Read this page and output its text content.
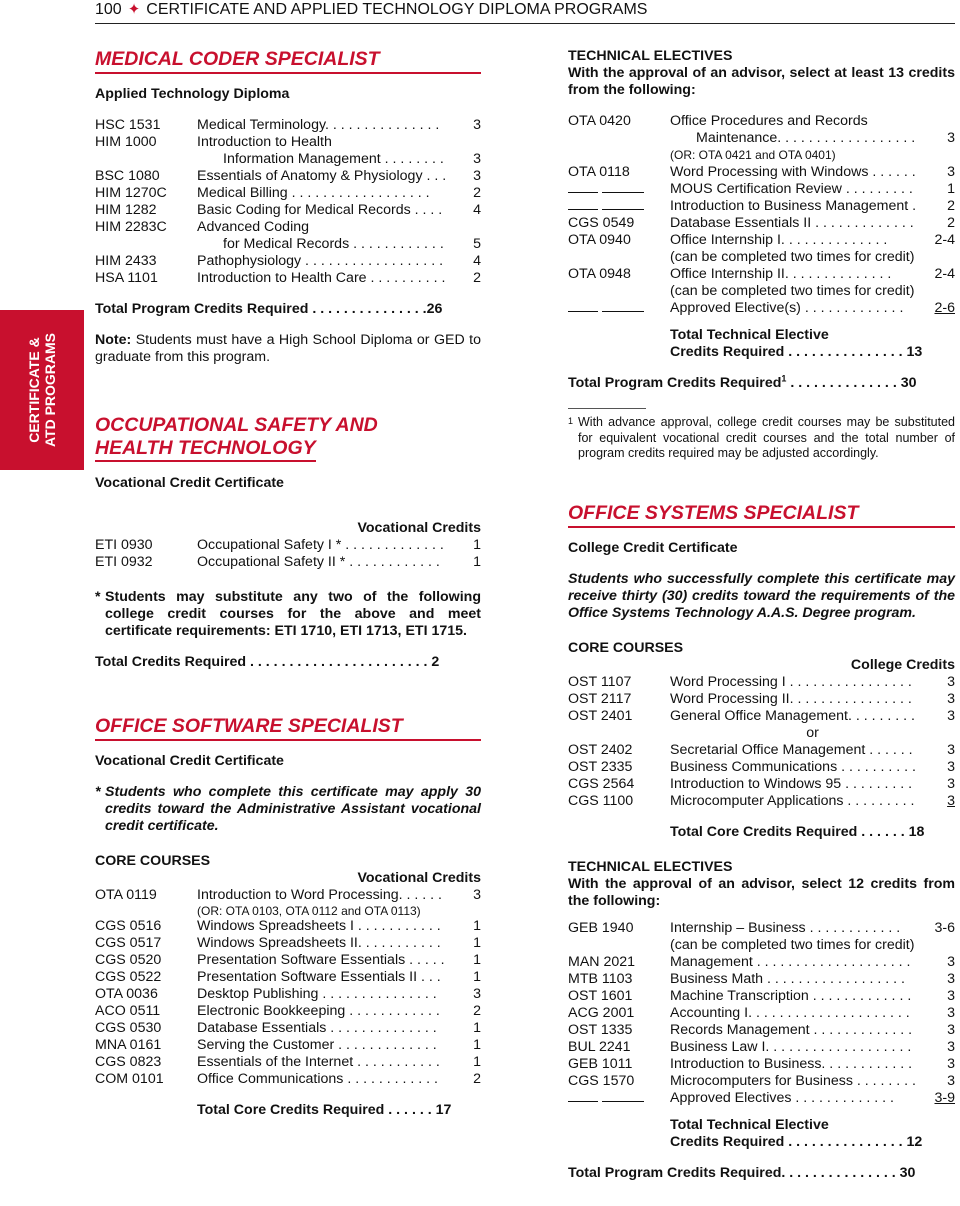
100 ✦ CERTIFICATE AND APPLIED TECHNOLOGY DIPLOMA PROGRAMS
CERTIFICATE & ATD PROGRAMS
MEDICAL CODER SPECIALIST
Applied Technology Diploma
HSC 1531	Medical Terminology. . . . . . . . . . . . . . .	3
HIM 1000	Introduction to Health
Information Management . . . . . . . .	3
BSC 1080	Essentials of Anatomy & Physiology . . .	3
HIM 1270C	Medical Billing . . . . . . . . . . . . . . . . . .	2
HIM 1282	Basic Coding for Medical Records . . . .	4
HIM 2283C	Advanced Coding
for Medical Records . . . . . . . . . . . .	5
HIM 2433	Pathophysiology . . . . . . . . . . . . . . . . . .	4
HSA 1101	Introduction to Health Care . . . . . . . . . .	2
Total Program Credits Required . . . . . . . . . . . . . . .26
Note: Students must have a High School Diploma or GED to graduate from this program.
OCCUPATIONAL SAFETY AND
HEALTH TECHNOLOGY
Vocational Credit Certificate
Vocational Credits
ETI 0930	Occupational Safety I * . . . . . . . . . . . . .	1
ETI 0932	Occupational Safety II * . . . . . . . . . . . .	1
* Students may substitute any two of the following college credit courses for the above and meet certificate requirements: ETI 1710, ETI 1713, ETI 1715.
Total Credits Required . . . . . . . . . . . . . . . . . . . . . . . 2
OFFICE SOFTWARE SPECIALIST
Vocational Credit Certificate
* Students who complete this certificate may apply 30 credits toward the Administrative Assistant vocational credit certificate.
CORE COURSES
Vocational Credits
OTA 0119	Introduction to Word Processing. . . . . .	3
(OR: OTA 0103, OTA 0112 and OTA 0113)
CGS 0516	Windows Spreadsheets I . . . . . . . . . . .	1
CGS 0517	Windows Spreadsheets II. . . . . . . . . . .	1
CGS 0520	Presentation Software Essentials . . . . .	1
CGS 0522	Presentation Software Essentials II . . .	1
OTA 0036	Desktop Publishing . . . . . . . . . . . . . . .	3
ACO 0511	Electronic Bookkeeping . . . . . . . . . . . .	2
CGS 0530	Database Essentials . . . . . . . . . . . . . .	1
MNA 0161	Serving the Customer . . . . . . . . . . . . .	1
CGS 0823	Essentials of the Internet . . . . . . . . . . .	1
COM 0101	Office Communications . . . . . . . . . . . .	2
Total Core Credits Required . . . . . . 17
TECHNICAL ELECTIVES
With the approval of an advisor, select at least 13 credits from the following:
OTA 0420	Office Procedures and Records
Maintenance. . . . . . . . . . . . . . . . . .	3
(OR: OTA 0421 and OTA 0401)
OTA 0118	Word Processing with Windows . . . . . .	3

MOUS Certification Review . . . . . . . . .	1

Introduction to Business Management .	2
CGS 0549	Database Essentials II . . . . . . . . . . . . .	2
OTA 0940	Office Internship I. . . . . . . . . . . . . .	2-4
(can be completed two times for credit)
OTA 0948	Office Internship II. . . . . . . . . . . . . .	2-4
(can be completed two times for credit)

Approved Elective(s) . . . . . . . . . . . . .	2-6
Total Technical Elective
Credits Required . . . . . . . . . . . . . . . 13
Total Program Credits Required$^1$ . . . . . . . . . . . . . . 30
1 With advance approval, college credit courses may be substituted for equivalent vocational credit courses and the total number of program credits required may be adjusted accordingly.
OFFICE SYSTEMS SPECIALIST
College Credit Certificate
Students who successfully complete this certificate may receive thirty (30) credits toward the requirements of the Office Systems Technology A.A.S. Degree program.
CORE COURSES
College Credits
OST 1107	Word Processing I . . . . . . . . . . . . . . . .	3
OST 2117	Word Processing II. . . . . . . . . . . . . . . .	3
OST 2401	General Office Management. . . . . . . . .	3
or
OST 2402	Secretarial Office Management . . . . . .	3
OST 2335	Business Communications . . . . . . . . . .	3
CGS 2564	Introduction to Windows 95 . . . . . . . . .	3
CGS 1100	Microcomputer Applications . . . . . . . . .	3
Total Core Credits Required . . . . . . 18
TECHNICAL ELECTIVES
With the approval of an advisor, select 12 credits from the following:
GEB 1940	Internship – Business . . . . . . . . . . . .	3-6
(can be completed two times for credit)
MAN 2021	Management . . . . . . . . . . . . . . . . . . . .	3
MTB 1103	Business Math . . . . . . . . . . . . . . . . . .	3
OST 1601	Machine Transcription . . . . . . . . . . . . .	3
ACG 2001	Accounting I. . . . . . . . . . . . . . . . . . . . .	3
OST 1335	Records Management . . . . . . . . . . . . .	3
BUL 2241	Business Law I. . . . . . . . . . . . . . . . . . .	3
GEB 1011	Introduction to Business. . . . . . . . . . . .	3
CGS 1570	Microcomputers for Business . . . . . . . .	3

Approved Electives . . . . . . . . . . . . .	3-9
Total Technical Elective
Credits Required . . . . . . . . . . . . . . . 12
Total Program Credits Required. . . . . . . . . . . . . . . 30
